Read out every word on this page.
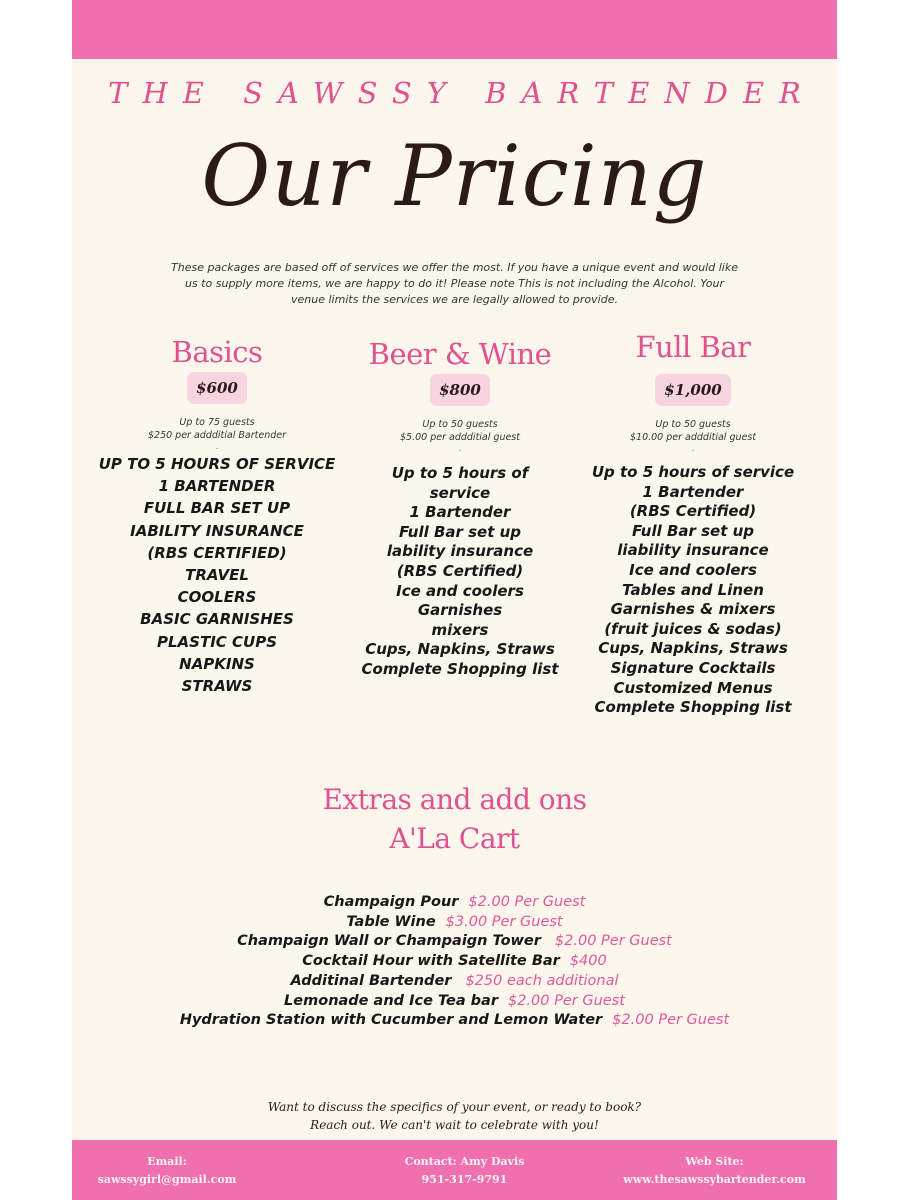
THE SAWSSY BARTENDER
Our Pricing
These packages are based off of services we offer the most. If you have a unique event and would like us to supply more items, we are happy to do it! Please note This is not including the Alcohol. Your venue limits the services we are legally allowed to provide.
Basics
$600
Up to 75 guests
$250 per addditial Bartender
.
UP TO 5 HOURS OF SERVICE
1 BARTENDER
FULL BAR SET UP
IABILITY INSURANCE
(RBS CERTIFIED)
TRAVEL
COOLERS
BASIC GARNISHES
PLASTIC CUPS
NAPKINS
STRAWS
Beer & Wine
$800
Up to 50 guests
$5.00 per addditial guest
.
Up to 5 hours of
service
1 Bartender
Full Bar set up
lability insurance
(RBS Certified)
Ice and coolers
Garnishes
mixers
Cups, Napkins, Straws
Complete Shopping list
Full Bar
$1,000
Up to 50 guests
$10.00 per addditial guest
.
Up to 5 hours of service
1 Bartender
(RBS Certified)
Full Bar set up
liability insurance
Ice and coolers
Tables and Linen
Garnishes & mixers
(fruit juices & sodas)
Cups, Napkins, Straws
Signature Cocktails
Customized Menus
Complete Shopping list
Extras and add ons
A'La Cart
Champaign Pour $2.00 Per Guest
Table Wine $3.00 Per Guest
Champaign Wall or Champaign Tower $2.00 Per Guest
Cocktail Hour with Satellite Bar $400
Additinal Bartender $250 each additional
Lemonade and Ice Tea bar $2.00 Per Guest
Hydration Station with Cucumber and Lemon Water $2.00 Per Guest
Want to discuss the specifics of your event, or ready to book?
Reach out. We can't wait to celebrate with you!
Email:
sawssygirl@gmail.com
Contact: Amy Davis
951-317-9791
Web Site:
www.thesawssybartender.com
